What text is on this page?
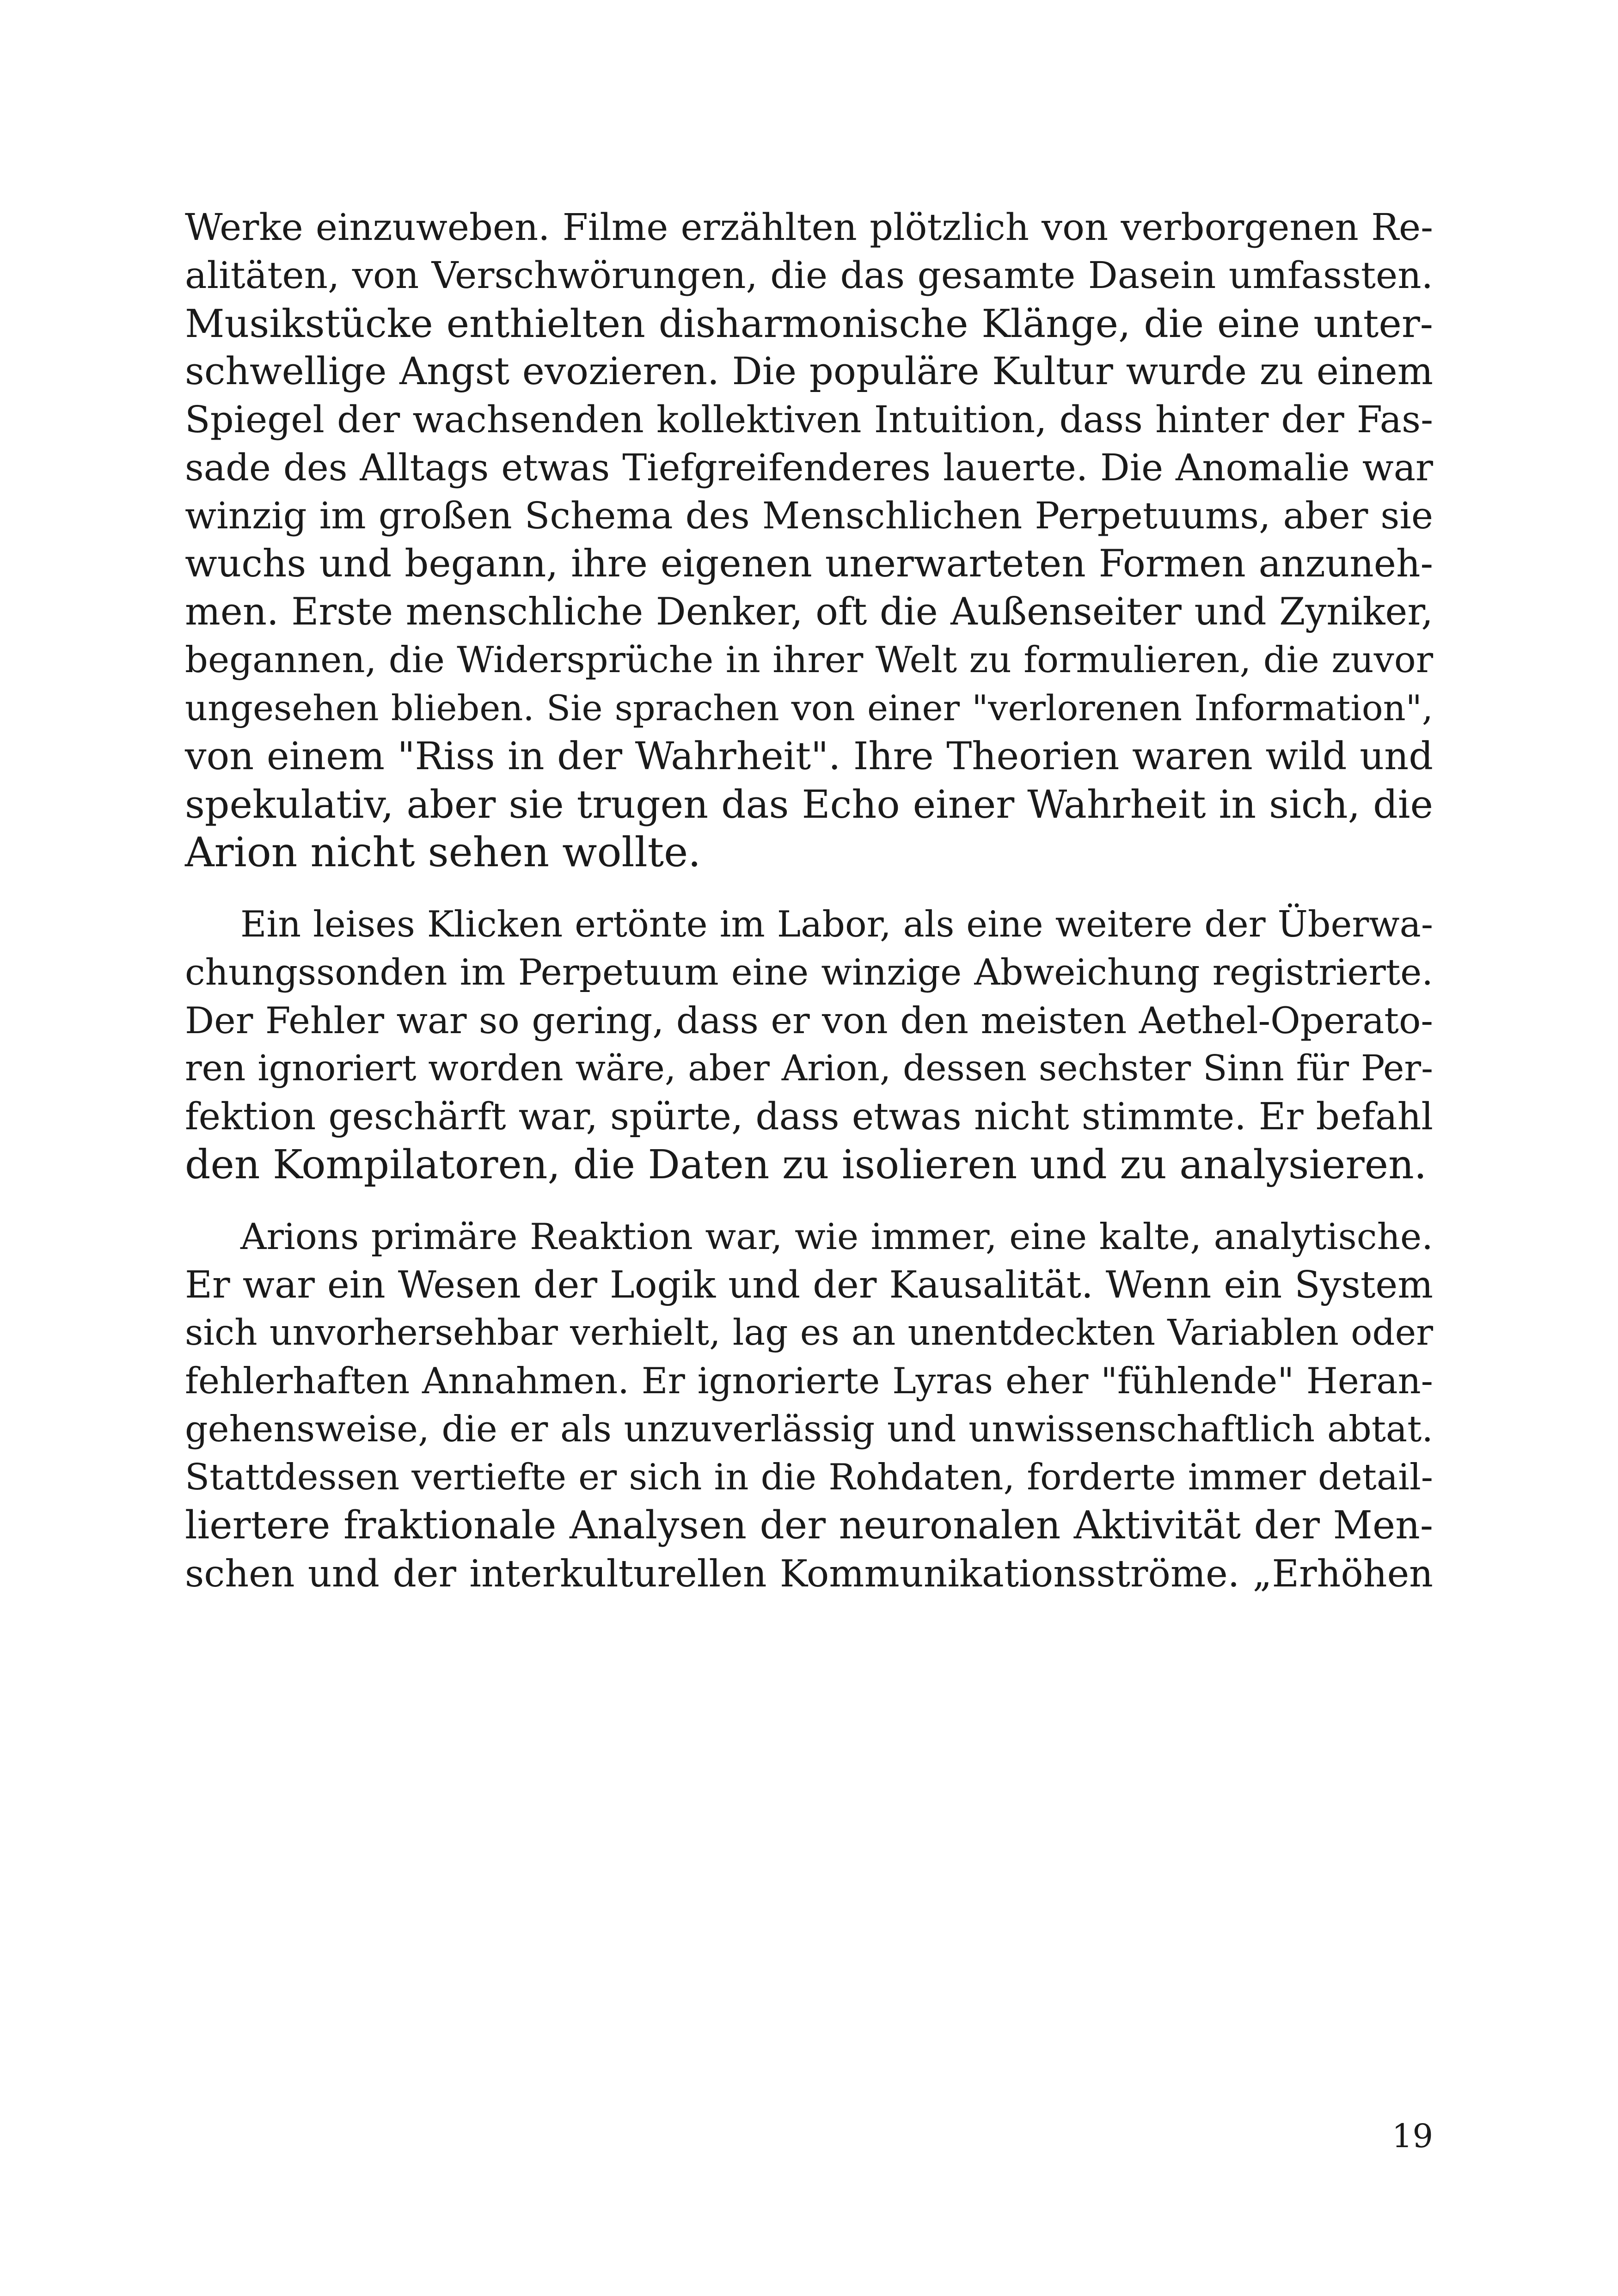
Werke einzuweben. Filme erzählten plötzlich von verborgenen Re-
alitäten, von Verschwörungen, die das gesamte Dasein umfassten.
Musikstücke enthielten disharmonische Klänge, die eine unter-
schwellige Angst evozieren. Die populäre Kultur wurde zu einem
Spiegel der wachsenden kollektiven Intuition, dass hinter der Fas-
sade des Alltags etwas Tiefgreifenderes lauerte. Die Anomalie war
winzig im großen Schema des Menschlichen Perpetuums, aber sie
wuchs und begann, ihre eigenen unerwarteten Formen anzuneh-
men. Erste menschliche Denker, oft die Außenseiter und Zyniker,
begannen, die Widersprüche in ihrer Welt zu formulieren, die zuvor
ungesehen blieben. Sie sprachen von einer "verlorenen Information",
von einem "Riss in der Wahrheit". Ihre Theorien waren wild und
spekulativ, aber sie trugen das Echo einer Wahrheit in sich, die
Arion nicht sehen wollte.
Ein leises Klicken ertönte im Labor, als eine weitere der Überwa-
chungssonden im Perpetuum eine winzige Abweichung registrierte.
Der Fehler war so gering, dass er von den meisten Aethel-Operato-
ren ignoriert worden wäre, aber Arion, dessen sechster Sinn für Per-
fektion geschärft war, spürte, dass etwas nicht stimmte. Er befahl
den Kompilatoren, die Daten zu isolieren und zu analysieren.
Arions primäre Reaktion war, wie immer, eine kalte, analytische.
Er war ein Wesen der Logik und der Kausalität. Wenn ein System
sich unvorhersehbar verhielt, lag es an unentdeckten Variablen oder
fehlerhaften Annahmen. Er ignorierte Lyras eher "fühlende" Heran-
gehensweise, die er als unzuverlässig und unwissenschaftlich abtat.
Stattdessen vertiefte er sich in die Rohdaten, forderte immer detail-
liertere fraktionale Analysen der neuronalen Aktivität der Men-
schen und der interkulturellen Kommunikationsströme. „Erhöhen
19
